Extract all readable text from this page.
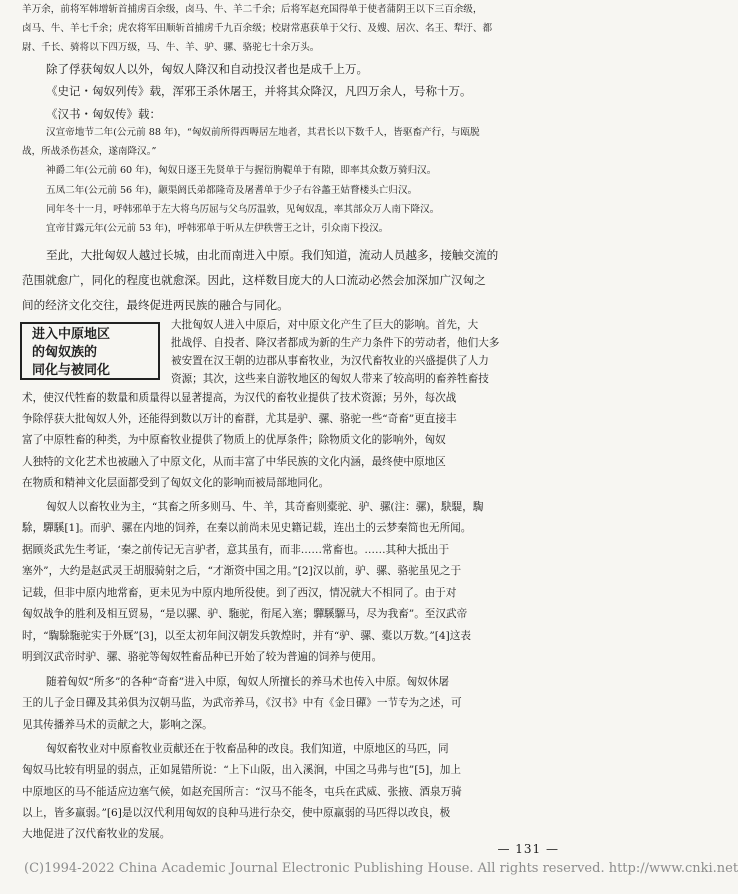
羊万余，前将军韩增斩首捕虏百余级，卤马、牛、羊二千余；后将军赵充国得单于使者蒲阴王以下三百余级，

卤马、牛、羊七千余；虎农将军田顺斩首捕虏千九百余级；校尉常惠获单于父行、及嫂、居次、名王、犁汙、都

尉、千长、骑将以下四万级，马、牛、羊、驴、骡、骆驼七十余万头。

除了俘获匈奴人以外，匈奴人降汉和自动投汉者也是成千上万。

《史记・匈奴列传》载，浑邪王杀休屠王，并将其众降汉，凡四万余人，号称十万。

《汉书・匈奴传》载：

汉宣帝地节二年(公元前 88 年)，“匈奴前所得西嗕居左地者，其君长以下数千人，皆驱畜产行，与瓯脱

战，所战杀伤甚众，遂南降汉。”

神爵二年(公元前 60 年)，匈奴日逐王先贤单于与握衍朐鞮单于有隙，即率其众数万骑归汉。

五凤二年(公元前 56 年)，颛渠阏氏弟都隆奇及屠耆单于少子右谷蠡王姑瞀楼头亡归汉。

同年冬十一月，呼韩邪单于左大将乌厉屈与父乌厉温敦，见匈奴乱，率其部众万人南下降汉。

宜帝甘露元年(公元前 53 年)，呼韩邪单于听从左伊秩訾王之计，引众南下投汉。

至此，大批匈奴人越过长城，由北而南进入中原。我们知道，流动人员越多，接触交流的

范围就愈广，同化的程度也就愈深。因此，这样数目庞大的人口流动必然会加深加广汉匈之

间的经济文化交往，最终促进两民族的融合与同化。

进入中原地区
的匈奴族的
同化与被同化

大批匈奴人进入中原后，对中原文化产生了巨大的影响。首先，大

批战俘、自投者、降汉者都成为新的生产力条件下的劳动者，他们大多

被安置在汉王朝的边郡从事畜牧业，为汉代畜牧业的兴盛提供了人力

资源；其次，这些来自游牧地区的匈奴人带来了较高明的畜养牲畜技

术，使汉代牲畜的数量和质量得以显著提高，为汉代的畜牧业提供了技术资源；另外，每次战

争除俘获大批匈奴人外，还能得到数以万计的畜群，尤其是驴、骡、骆驼一些“奇畜”更直接丰

富了中原牲畜的种类，为中原畜牧业提供了物质上的优厚条件；除物质文化的影响外，匈奴

人独特的文化艺术也被融入了中原文化，从而丰富了中华民族的文化内涵，最终使中原地区

在物质和精神文化层面都受到了匈奴文化的影响而被局部地同化。

匈奴人以畜牧业为主，“其畜之所多则马、牛、羊，其奇畜则橐驼、驴、骡(注：骡)，駃騠，騊

駼，驒騱[1]。而驴、骡在内地的饲养，在秦以前尚未见史籍记载，连出土的云梦秦简也无所闻。

据顾炎武先生考证，‘秦之前传记无言驴者，意其虽有，而非……常畜也。……其种大抵出于

塞外”，大约是赵武灵王胡服骑射之后，“才渐资中国之用。”[2]汉以前，驴、骡、骆驼虽见之于

记载，但非中原内地常畜，更未见为中原内地所役使。到了西汉，情况就大不相同了。由于对

匈奴战争的胜利及相互贸易，“是以骡、驴、駞驼，衔尾入塞；驒騱騵马，尽为我畜”。至汉武帝

时，“騊駼駞驼实于外厩”[3]，以至太初年间汉朝发兵敦煌时，并有“驴、骡、橐以万数。”[4]这表

明到汉武帝时驴、骡、骆驼等匈奴牲畜品种已开始了较为普遍的饲养与使用。

随着匈奴“所多”的各种“奇畜”进入中原，匈奴人所擅长的养马术也传入中原。匈奴休屠

王的儿子金日磾及其弟俱为汉朝马监，为武帝养马，《汉书》中有《金日磾》一节专为之述，可

见其传播养马术的贡献之大，影响之深。

匈奴畜牧业对中原畜牧业贡献还在于牧畜品种的改良。我们知道，中原地区的马匹，同

匈奴马比较有明显的弱点，正如晁错所说：“上下山阪，出入溪涧，中国之马弗与也”[5]，加上

中原地区的马不能适应边塞气候，如赵充国所言：“汉马不能冬，屯兵在武威、张掖、酒泉万骑

以上，皆多羸弱。”[6]是以汉代利用匈奴的良种马进行杂交，使中原羸弱的马匹得以改良，极

大地促进了汉代畜牧业的发展。

— 131 —
(C)1994-2022 China Academic Journal Electronic Publishing House. All rights reserved. http://www.cnki.net
